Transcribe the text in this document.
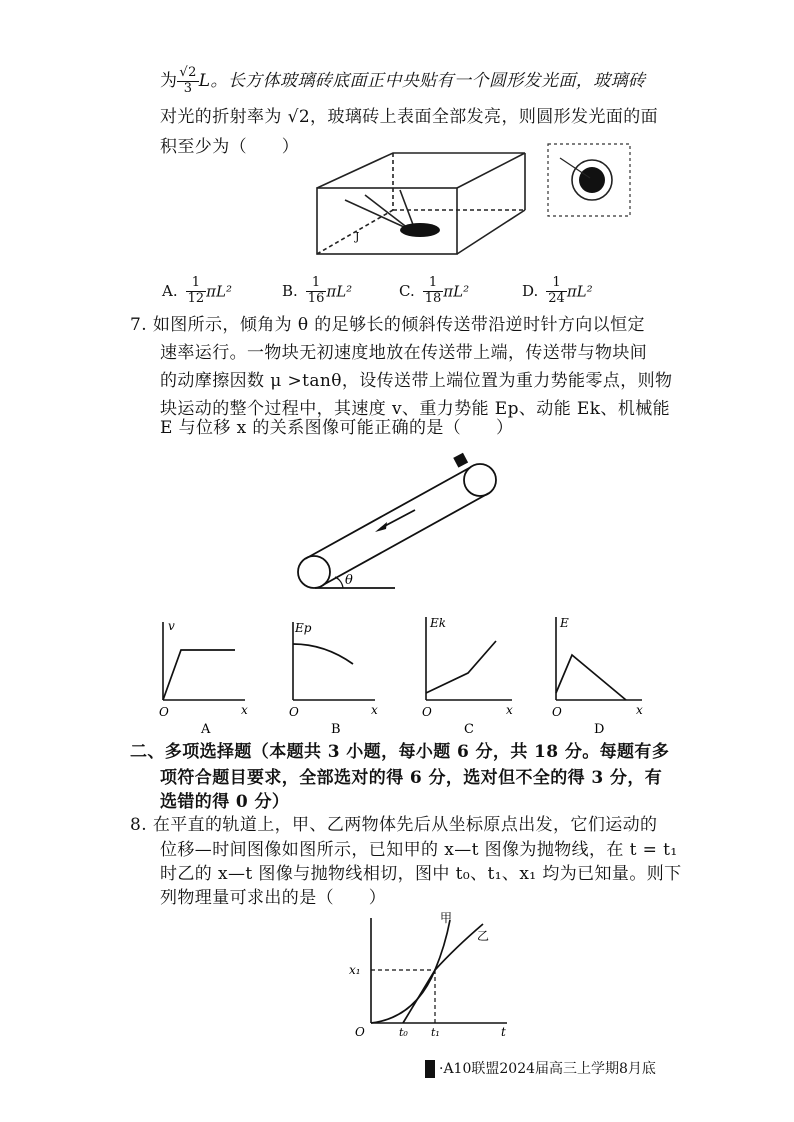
为 $\frac{√2}{3}$ L。长方体玻璃砖底面正中央贴有一个圆形发光面，玻璃砖
对光的折射率为 √2，玻璃砖上表面全部发亮，则圆形发光面的面
积至少为（　　）
J
A. $\frac{1}{12} \pi L^2$	B. $\frac{1}{16} \pi L^2$	C. $\frac{1}{18} \pi L^2$	D. $\frac{1}{24} \pi L^2$
7. 如图所示，倾角为 θ 的足够长的倾斜传送带沿逆时针方向以恒定
速率运行。一物块无初速度地放在传送带上端，传送带与物块间
的动摩擦因数 μ >tanθ，设传送带上端位置为重力势能零点，则物
块运动的整个过程中，其速度 v、重力势能 Ep、动能 Ek、机械能
E 与位移 x 的关系图像可能正确的是（　　）
θ
v
x
O
A
Ep
x
O
B
Ek
x
O
C
E
x
O
D
二、多项选择题（本题共 3 小题，每小题 6 分，共 18 分。每题有多
项符合题目要求，全部选对的得 6 分，选对但不全的得 3 分，有
选错的得 0 分）
8. 在平直的轨道上，甲、乙两物体先后从坐标原点出发，它们运动的
位移—时间图像如图所示，已知甲的 x—t 图像为抛物线，在 t = t₁
时乙的 x—t 图像与抛物线相切，图中 t₀、t₁、x₁ 均为已知量。则下
列物理量可求出的是（　　）
甲
乙
x₁
O	t₀ t₁	t
·A10联盟2024届高三上学期8月底
